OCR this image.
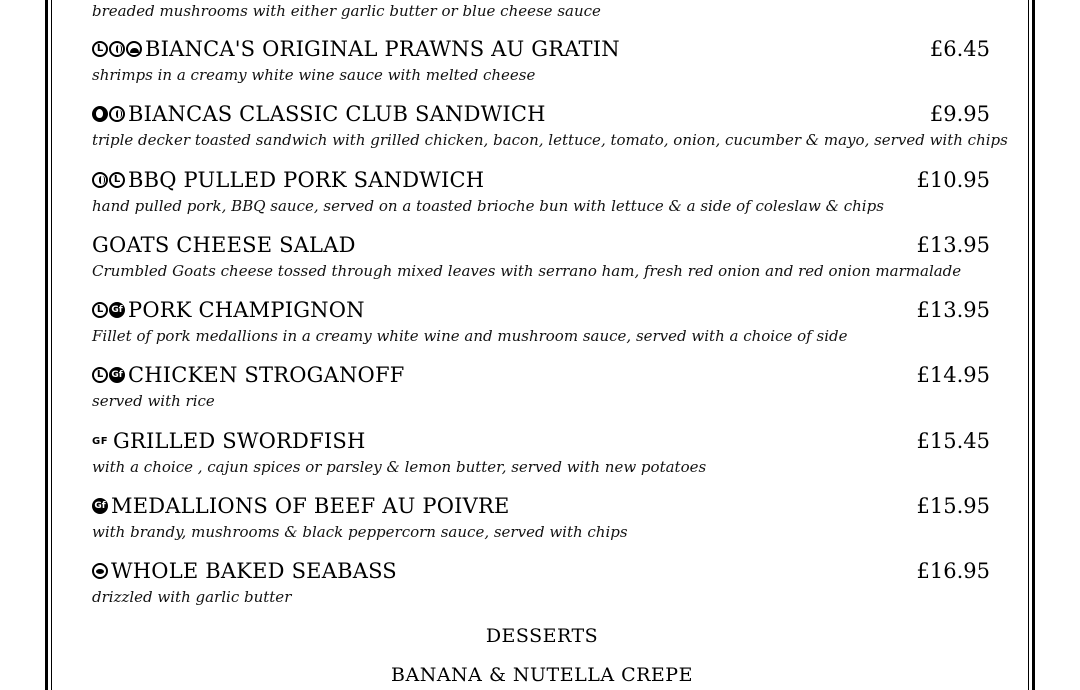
breaded mushrooms with either garlic butter or blue cheese sauce
L BIANCA'S ORIGINAL PRAWNS AU GRATIN	£6.45
shrimps in a creamy white wine sauce with melted cheese
BIANCAS CLASSIC CLUB SANDWICH	£9.95
triple decker toasted sandwich with grilled chicken, bacon, lettuce, tomato, onion, cucumber & mayo, served with chips
L BBQ PULLED PORK SANDWICH	£10.95
hand pulled pork, BBQ sauce, served on a toasted brioche bun with lettuce & a side of coleslaw & chips
GOATS CHEESE SALAD	£13.95
Crumbled Goats cheese tossed through mixed leaves with serrano ham, fresh red onion and red onion marmalade
L Gf PORK CHAMPIGNON	£13.95
Fillet of pork medallions in a creamy white wine and mushroom sauce, served with a choice of side
L Gf CHICKEN STROGANOFF	£14.95
served with rice
GF GRILLED SWORDFISH	£15.45
with a choice , cajun spices or parsley & lemon butter, served with new potatoes
Gf MEDALLIONS OF BEEF AU POIVRE	£15.95
with brandy, mushrooms & black peppercorn sauce, served with chips
WHOLE BAKED SEABASS	£16.95
drizzled with garlic butter
DESSERTS
BANANA & NUTELLA CREPE
